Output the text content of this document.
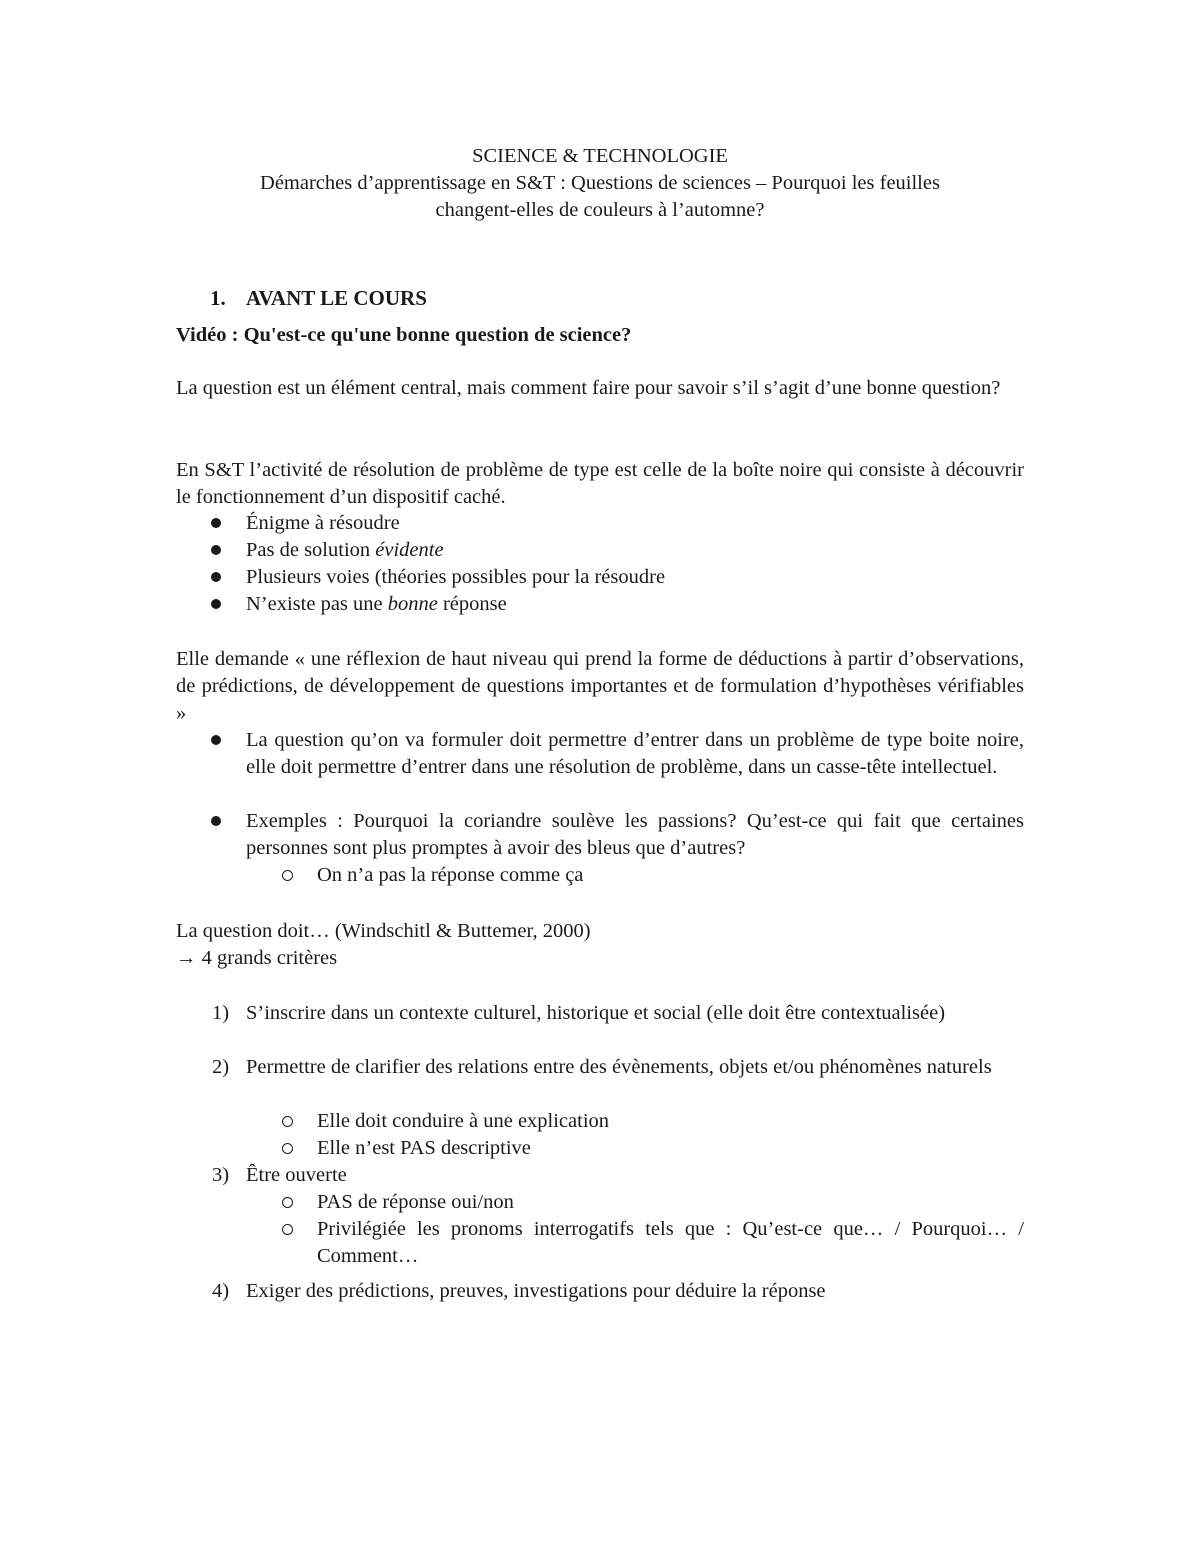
SCIENCE & TECHNOLOGIE
Démarches d’apprentissage en S&T : Questions de sciences – Pourquoi les feuilles
changent-elles de couleurs à l’automne?
1. AVANT LE COURS
Vidéo : Qu'est-ce qu'une bonne question de science?
La question est un élément central, mais comment faire pour savoir s’il s’agit d’une bonne question?
En S&T l’activité de résolution de problème de type est celle de la boîte noire qui consiste à découvrir le fonctionnement d’un dispositif caché.
Énigme à résoudre
Pas de solution évidente
Plusieurs voies (théories possibles pour la résoudre
N’existe pas une bonne réponse
Elle demande « une réflexion de haut niveau qui prend la forme de déductions à partir d’observations, de prédictions, de développement de questions importantes et de formulation d’hypothèses vérifiables »
La question qu’on va formuler doit permettre d’entrer dans un problème de type boite noire, elle doit permettre d’entrer dans une résolution de problème, dans un casse-tête intellectuel.
Exemples : Pourquoi la coriandre soulève les passions? Qu’est-ce qui fait que certaines personnes sont plus promptes à avoir des bleus que d’autres?
On n’a pas la réponse comme ça
La question doit… (Windschitl & Buttemer, 2000)
→ 4 grands critères
1) S’inscrire dans un contexte culturel, historique et social (elle doit être contextualisée)
2) Permettre de clarifier des relations entre des évènements, objets et/ou phénomènes naturels
Elle doit conduire à une explication
Elle n’est PAS descriptive
3) Être ouverte
PAS de réponse oui/non
Privilégiée les pronoms interrogatifs tels que : Qu’est-ce que… / Pourquoi… / Comment…
4) Exiger des prédictions, preuves, investigations pour déduire la réponse
